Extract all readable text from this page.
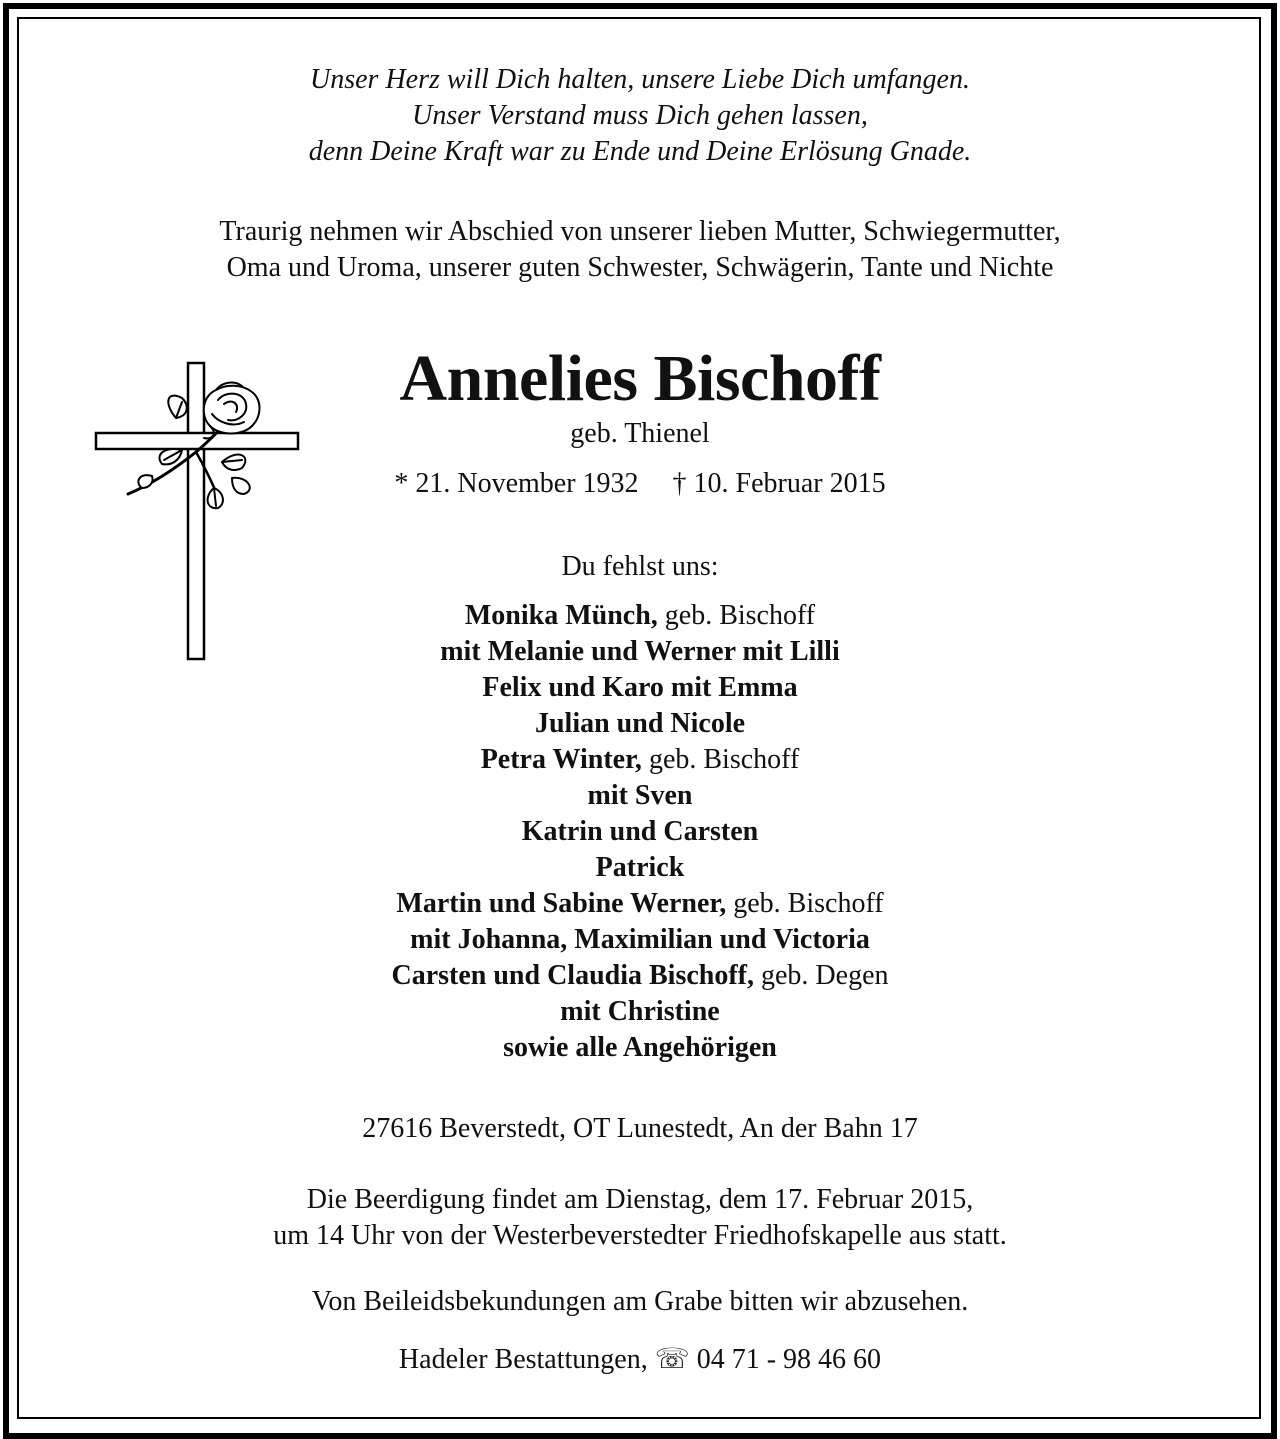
Unser Herz will Dich halten, unsere Liebe Dich umfangen.
Unser Verstand muss Dich gehen lassen,
denn Deine Kraft war zu Ende und Deine Erlösung Gnade.
Traurig nehmen wir Abschied von unserer lieben Mutter, Schwiegermutter,
Oma und Uroma, unserer guten Schwester, Schwägerin, Tante und Nichte
Annelies Bischoff
geb. Thienel
* 21. November 1932 † 10. Februar 2015
Du fehlst uns:
Monika Münch, geb. Bischoff
mit Melanie und Werner mit Lilli
Felix und Karo mit Emma
Julian und Nicole
Petra Winter, geb. Bischoff
mit Sven
Katrin und Carsten
Patrick
Martin und Sabine Werner, geb. Bischoff
mit Johanna, Maximilian und Victoria
Carsten und Claudia Bischoff, geb. Degen
mit Christine
sowie alle Angehörigen
27616 Beverstedt, OT Lunestedt, An der Bahn 17
Die Beerdigung findet am Dienstag, dem 17. Februar 2015,
um 14 Uhr von der Westerbeverstedter Friedhofskapelle aus statt.
Von Beileidsbekundungen am Grabe bitten wir abzusehen.
Hadeler Bestattungen, ☏ 04 71 - 98 46 60
